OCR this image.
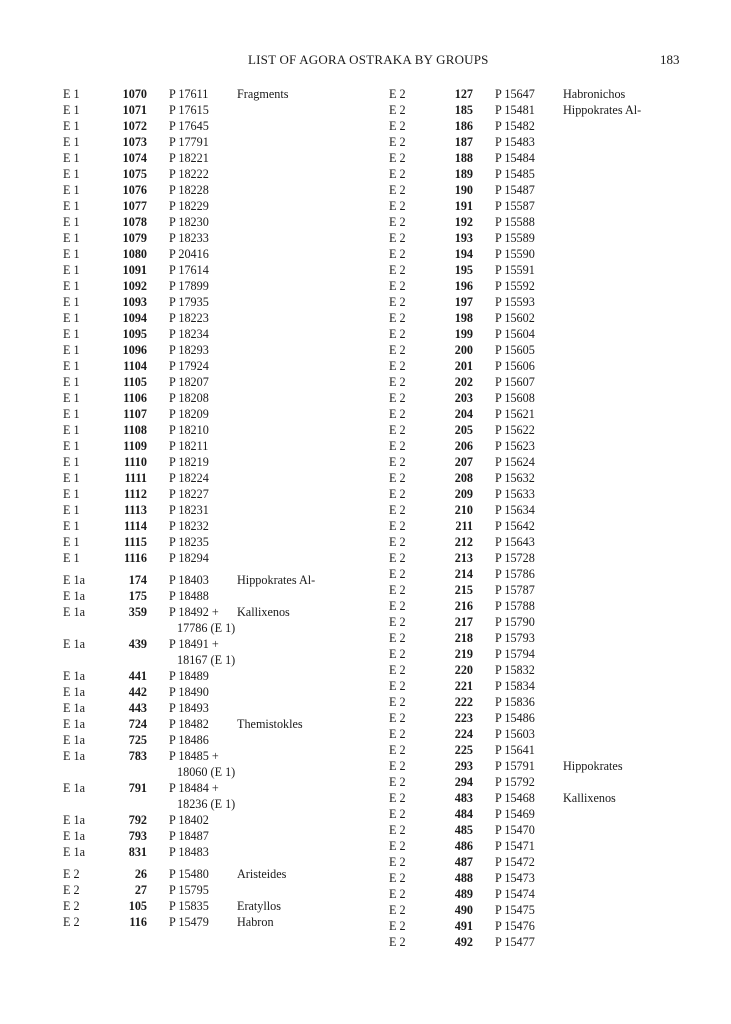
LIST OF AGORA OSTRAKA BY GROUPS	183
E 1	1070 P 17611 Fragments
E 1	1071 P 17615
E 1	1072 P 17645
E 1	1073 P 17791
E 1	1074 P 18221
E 1	1075 P 18222
E 1	1076 P 18228
E 1	1077 P 18229
E 1	1078 P 18230
E 1	1079 P 18233
E 1	1080 P 20416
E 1	1091 P 17614
E 1	1092 P 17899
E 1	1093 P 17935
E 1	1094 P 18223
E 1	1095 P 18234
E 1	1096 P 18293
E 1	1104 P 17924
E 1	1105 P 18207
E 1	1106 P 18208
E 1	1107 P 18209
E 1	1108 P 18210
E 1	1109 P 18211
E 1	1110 P 18219
E 1	1111 P 18224
E 1	1112 P 18227
E 1	1113 P 18231
E 1	1114 P 18232
E 1	1115 P 18235
E 1	1116 P 18294
E 1a	174 P 18403 Hippokrates Al-
E 1a	175 P 18488
E 1a	359 P 18492 + Kallixenos
17786 (E 1)
E 1a	439 P 18491 +
18167 (E 1)
E 1a	441 P 18489
E 1a	442 P 18490
E 1a	443 P 18493
E 1a	724 P 18482 Themistokles
E 1a	725 P 18486
E 1a	783 P 18485 +
18060 (E 1)
E 1a	791 P 18484 +
18236 (E 1)
E 1a	792 P 18402
E 1a	793 P 18487
E 1a	831 P 18483
E 2	26 P 15480 Aristeides
E 2	27 P 15795
E 2	105 P 15835 Eratyllos
E 2	116 P 15479 Habron
E 2	127 P 15647 Habronichos
E 2	185 P 15481 Hippokrates Al-
E 2	186 P 15482
E 2	187 P 15483
E 2	188 P 15484
E 2	189 P 15485
E 2	190 P 15487
E 2	191 P 15587
E 2	192 P 15588
E 2	193 P 15589
E 2	194 P 15590
E 2	195 P 15591
E 2	196 P 15592
E 2	197 P 15593
E 2	198 P 15602
E 2	199 P 15604
E 2	200 P 15605
E 2	201 P 15606
E 2	202 P 15607
E 2	203 P 15608
E 2	204 P 15621
E 2	205 P 15622
E 2	206 P 15623
E 2	207 P 15624
E 2	208 P 15632
E 2	209 P 15633
E 2	210 P 15634
E 2	211 P 15642
E 2	212 P 15643
E 2	213 P 15728
E 2	214 P 15786
E 2	215 P 15787
E 2	216 P 15788
E 2	217 P 15790
E 2	218 P 15793
E 2	219 P 15794
E 2	220 P 15832
E 2	221 P 15834
E 2	222 P 15836
E 2	223 P 15486
E 2	224 P 15603
E 2	225 P 15641
E 2	293 P 15791 Hippokrates
E 2	294 P 15792
E 2	483 P 15468 Kallixenos
E 2	484 P 15469
E 2	485 P 15470
E 2	486 P 15471
E 2	487 P 15472
E 2	488 P 15473
E 2	489 P 15474
E 2	490 P 15475
E 2	491 P 15476
E 2	492 P 15477
